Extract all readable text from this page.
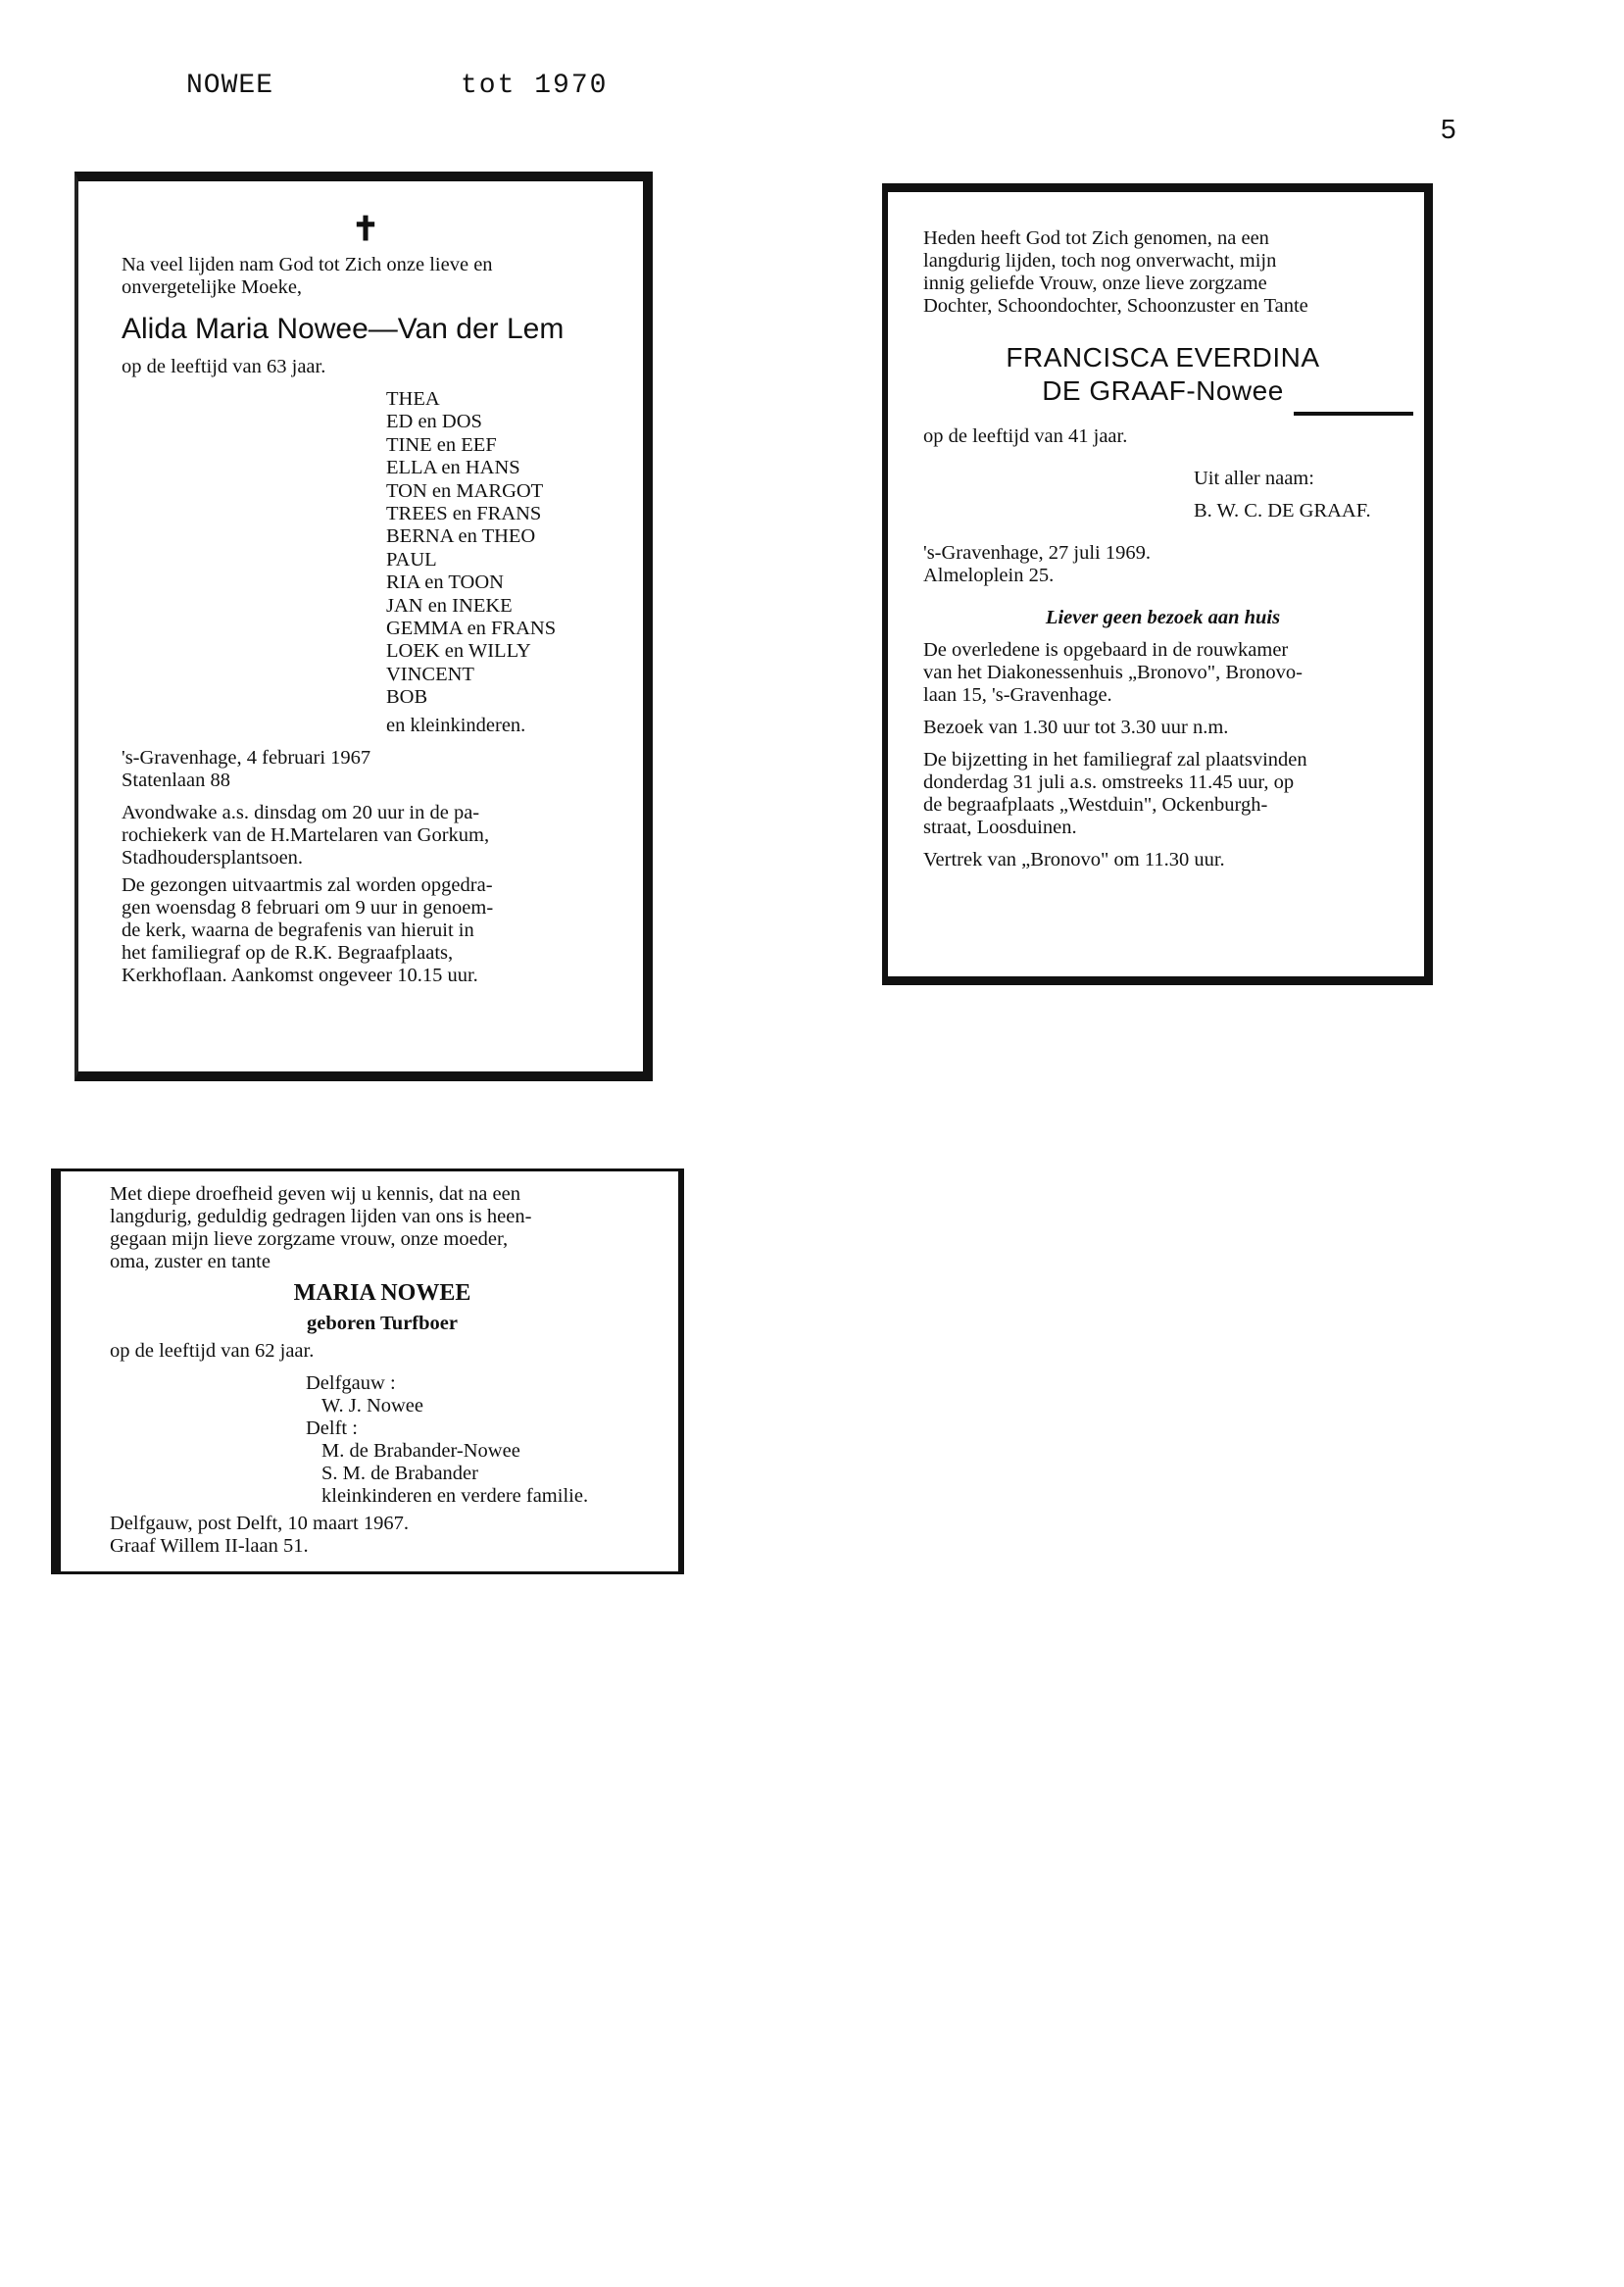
NOWEE	tot 1970
5

✝

Na veel lijden nam God tot Zich onze lieve en

onvergetelijke Moeke,

Alida Maria Nowee—Van der Lem

op de leeftijd van 63 jaar.

THEA

ED en DOS

TINE en EEF

ELLA en HANS

TON en MARGOT

TREES en FRANS

BERNA en THEO

PAUL

RIA en TOON

JAN en INEKE

GEMMA en FRANS

LOEK en WILLY

VINCENT

BOB

en kleinkinderen.

's-Gravenhage, 4 februari 1967

Statenlaan 88

Avondwake a.s. dinsdag om 20 uur in de pa-

rochiekerk van de H.Martelaren van Gorkum,

Stadhoudersplantsoen.

De gezongen uitvaartmis zal worden opgedra-

gen woensdag 8 februari om 9 uur in genoem-

de kerk, waarna de begrafenis van hieruit in

het familiegraf op de R.K. Begraafplaats,

Kerkhoflaan. Aankomst ongeveer 10.15 uur.

Heden heeft God tot Zich genomen, na een

langdurig lijden, toch nog onverwacht, mijn

innig geliefde Vrouw, onze lieve zorgzame

Dochter, Schoondochter, Schoonzuster en Tante

FRANCISCA EVERDINA

DE GRAAF-Nowee

op de leeftijd van 41 jaar.

Uit aller naam:

B. W. C. DE GRAAF.

's-Gravenhage, 27 juli 1969.

Almeloplein 25.

Liever geen bezoek aan huis

De overledene is opgebaard in de rouwkamer

van het Diakonessenhuis „Bronovo", Bronovo-

laan 15, 's-Gravenhage.

Bezoek van 1.30 uur tot 3.30 uur n.m.

De bijzetting in het familiegraf zal plaatsvinden

donderdag 31 juli a.s. omstreeks 11.45 uur, op

de begraafplaats „Westduin", Ockenburgh-

straat, Loosduinen.

Vertrek van „Bronovo" om 11.30 uur.

Met diepe droefheid geven wij u kennis, dat na een

langdurig, geduldig gedragen lijden van ons is heen-

gegaan mijn lieve zorgzame vrouw, onze moeder,

oma, zuster en tante

MARIA NOWEE

geboren Turfboer

op de leeftijd van 62 jaar.

Delfgauw :

W. J. Nowee

Delft :

M. de Brabander-Nowee

S. M. de Brabander

kleinkinderen en verdere familie.

Delfgauw, post Delft, 10 maart 1967.

Graaf Willem II-laan 51.
